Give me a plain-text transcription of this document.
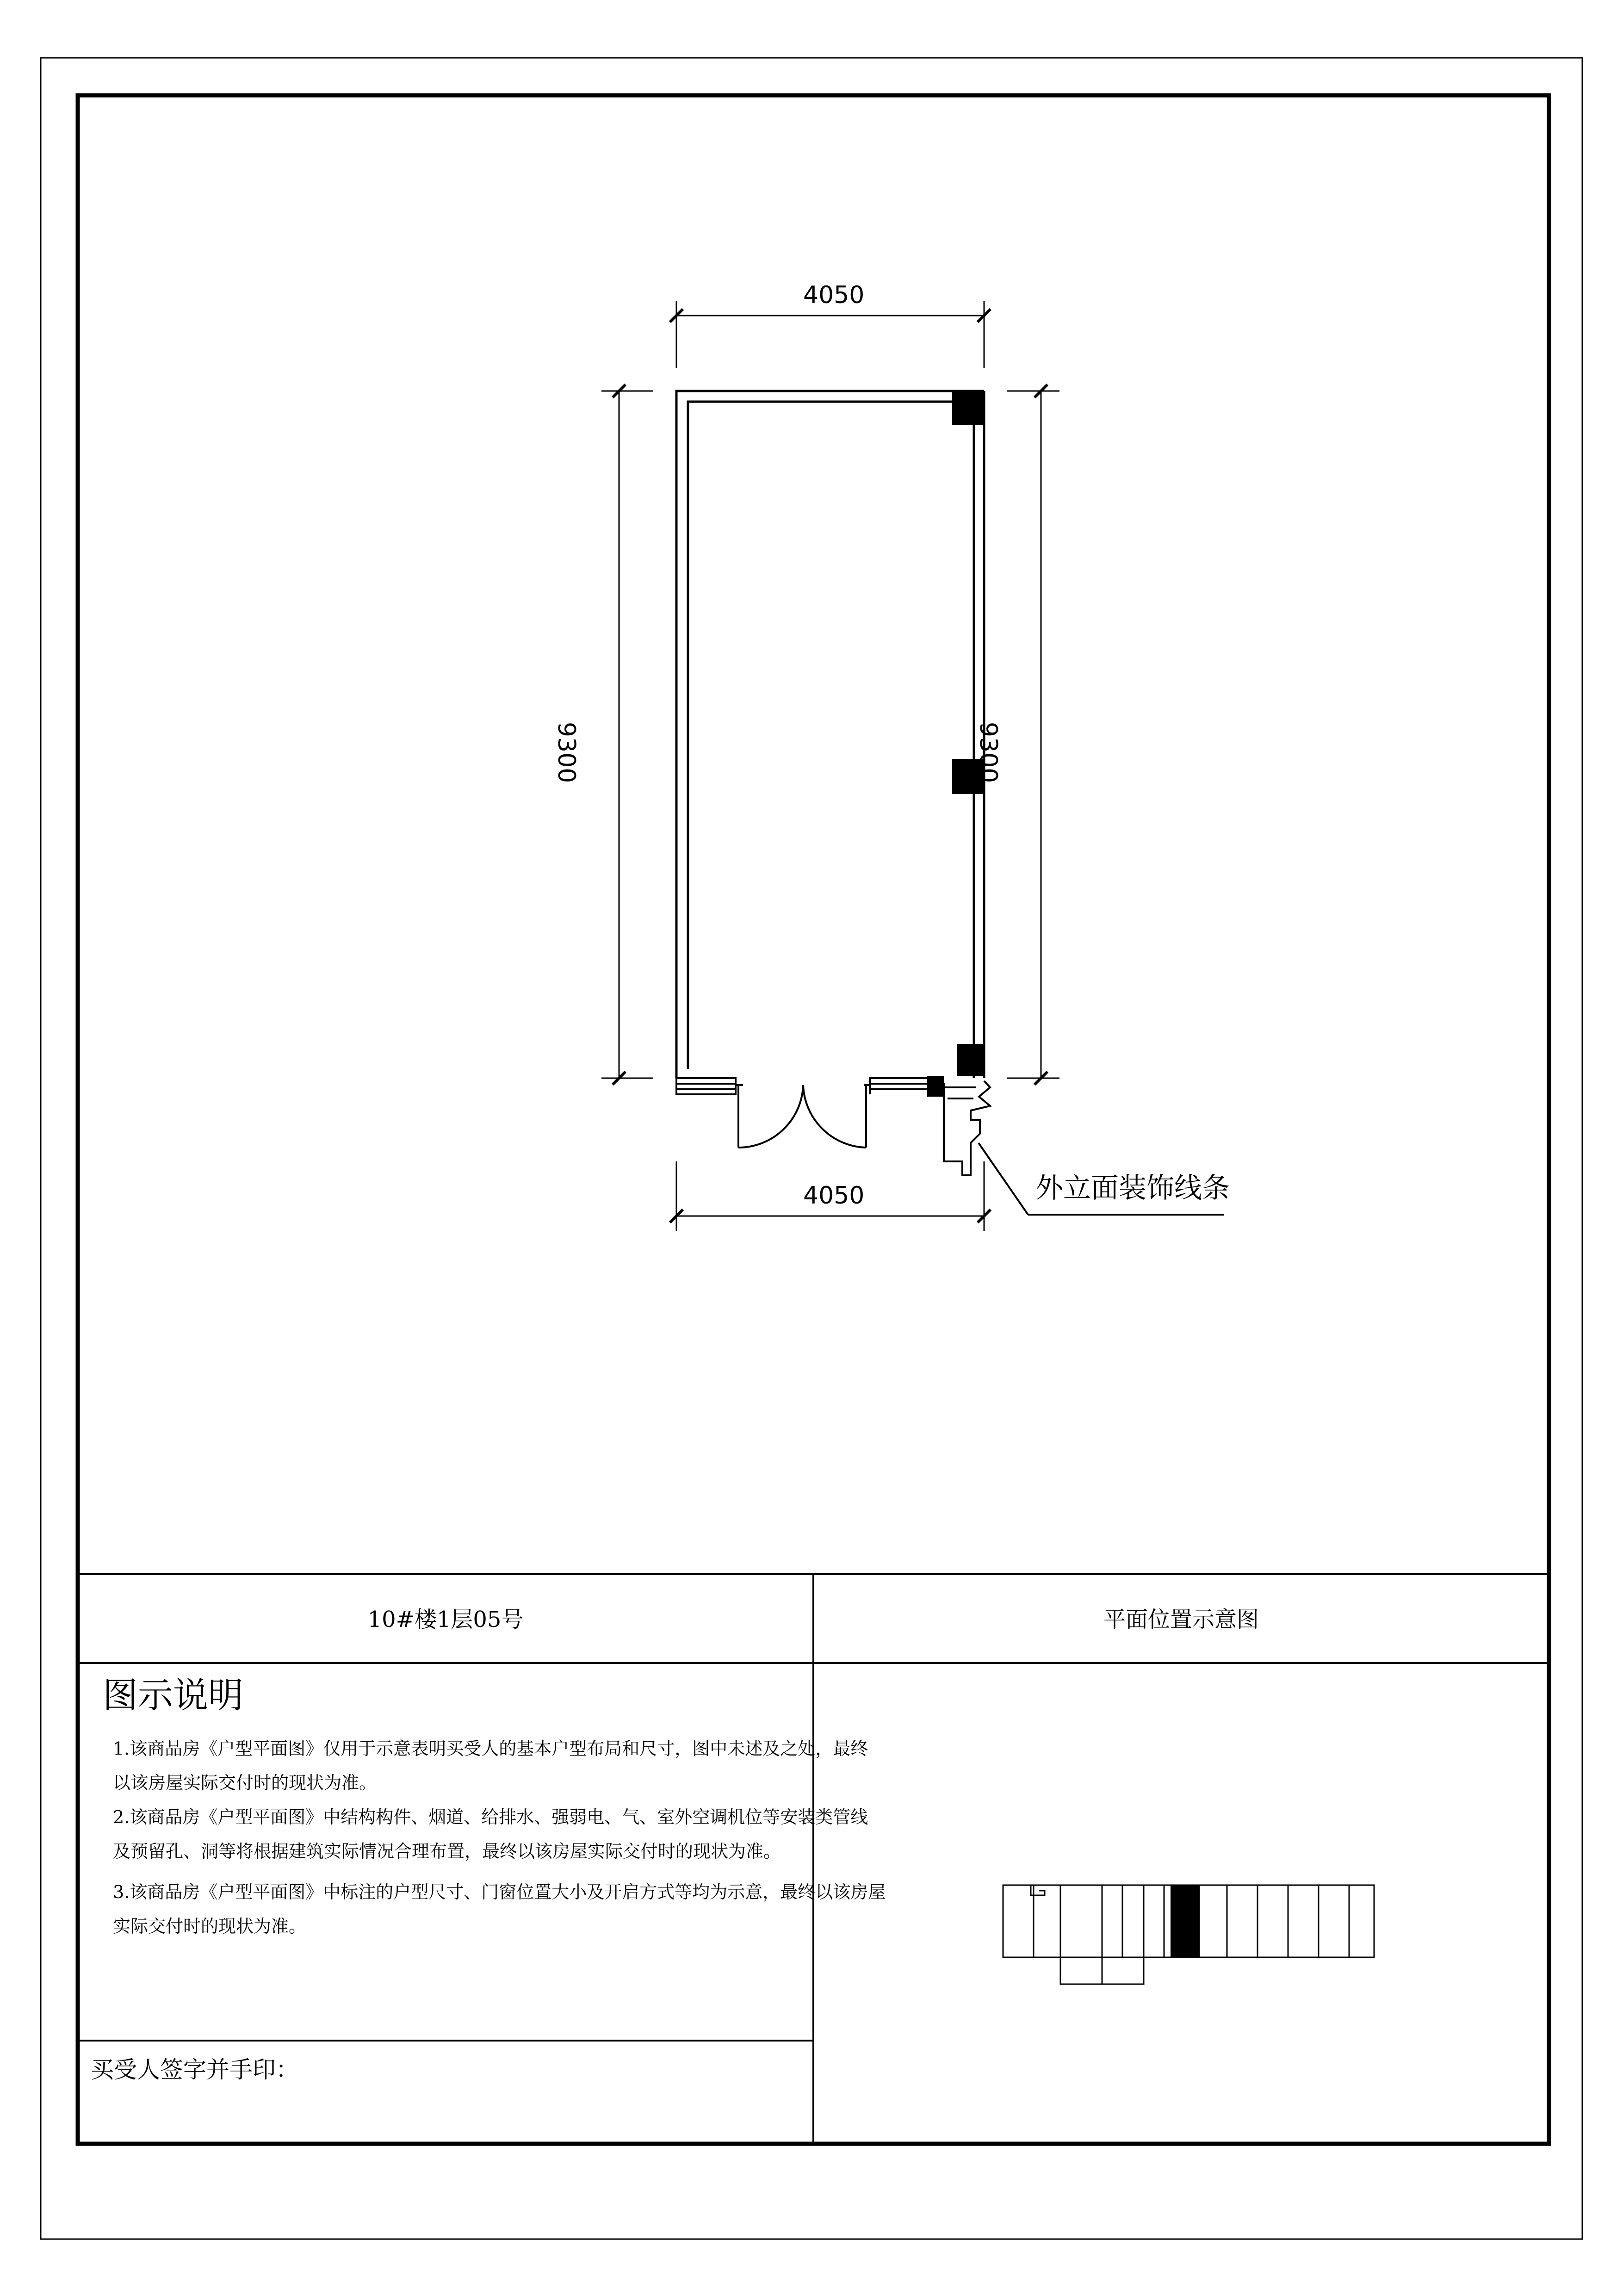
4050
4050
9300	9300
外立面装饰线条
10#楼1层05号	平面位置示意图
图示说明
1.该商品房《户型平面图》仅用于示意表明买受人的基本户型布局和尺寸，图中未述及之处，最终
以该房屋实际交付时的现状为准。
2.该商品房《户型平面图》中结构构件、烟道、给排水、强弱电、气、室外空调机位等安装类管线
及预留孔、洞等将根据建筑实际情况合理布置，最终以该房屋实际交付时的现状为准。
3.该商品房《户型平面图》中标注的户型尺寸、门窗位置大小及开启方式等均为示意，最终以该房屋
实际交付时的现状为准。
买受人签字并手印：
